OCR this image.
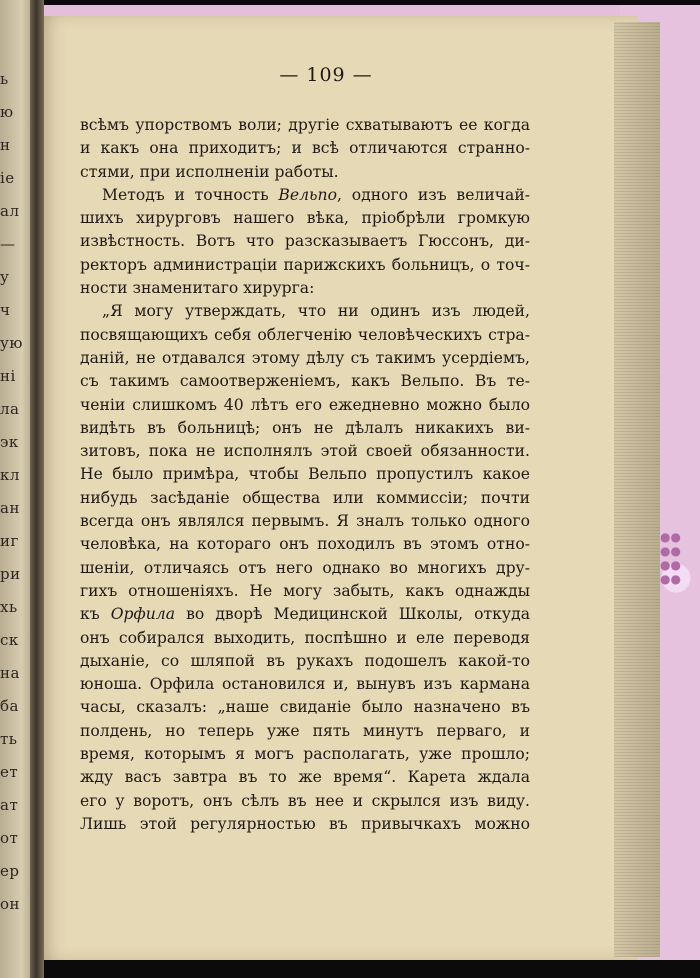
●●
●●
●●
●●
ь
ю
н
ie
ал
—
у
ч
ую
ні
ла
эк
кл
ан
иг
ри
хь
ск
на
ба
ть
ет
ат
от
ер
он
— 109 —
всѣмъ упорствомъ воли; другіе схватываютъ ее когда
и какъ она приходитъ; и всѣ отличаются странно-
стями, при исполненіи работы.
Методъ и точность Вельпо, одного изъ величай-
шихъ хирурговъ нашего вѣка, пріобрѣли громкую
извѣстность. Вотъ что разсказываетъ Гюссонъ, ди-
ректоръ администраціи парижскихъ больницъ, о точ-
ности знаменитаго хирурга:
„Я могу утверждать, что ни одинъ изъ людей,
посвящающихъ себя облегченію человѣческихъ стра-
даній, не отдавался этому дѣлу съ такимъ усердіемъ,
съ такимъ самоотверженіемъ, какъ Вельпо. Въ те-
ченіи слишкомъ 40 лѣтъ его ежедневно можно было
видѣть въ больницѣ; онъ не дѣлалъ никакихъ ви-
зитовъ, пока не исполнялъ этой своей обязанности.
Не было примѣра, чтобы Вельпо пропустилъ какое
нибудь засѣданіе общества или коммиссіи; почти
всегда онъ являлся первымъ. Я зналъ только одного
человѣка, на котораго онъ походилъ въ этомъ отно-
шеніи, отличаясь отъ него однако во многихъ дру-
гихъ отношеніяхъ. Не могу забыть, какъ однажды
къ Орфила во дворѣ Медицинской Школы, откуда
онъ собирался выходить, поспѣшно и еле переводя
дыханіе, со шляпой въ рукахъ подошелъ какой-то
юноша. Орфила остановился и, вынувъ изъ кармана
часы, сказалъ: „наше свиданіе было назначено въ
полдень, но теперь уже пять минутъ перваго, и
время, которымъ я могъ располагать, уже прошло;
жду васъ завтра въ то же время“. Карета ждала
его у воротъ, онъ сѣлъ въ нее и скрылся изъ виду.
Лишь этой регулярностью въ привычкахъ можно
